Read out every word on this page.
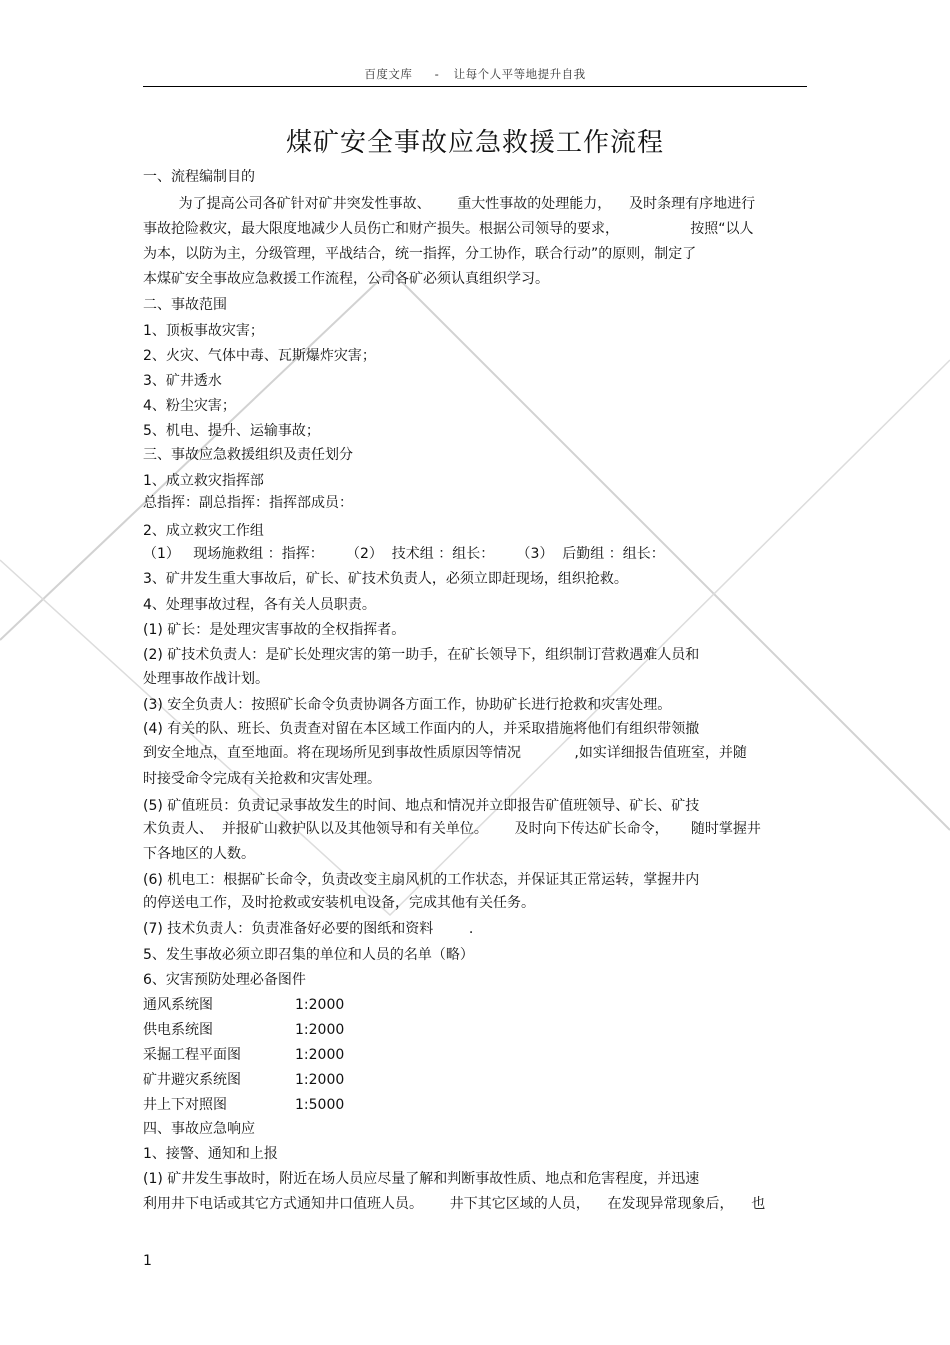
百度文库 - 让每个人平等地提升自我
煤矿安全事故应急救援工作流程
一、流程编制目的
为了提高公司各矿针对矿井突发性事故、      重大性事故的处理能力，    及时条理有序地进行
事故抢险救灾，最大限度地减少人员伤亡和财产损失。根据公司领导的要求，                按照“以人
为本，以防为主，分级管理，平战结合，统一指挥，分工协作，联合行动”的原则，制定了
本煤矿安全事故应急救援工作流程，公司各矿必须认真组织学习。
二、事故范围
1、顶板事故灾害；
2、火灾、气体中毒、瓦斯爆炸灾害；
3、矿井透水
4、粉尘灾害；
5、机电、提升、运输事故；
三、事故应急救援组织及责任划分
1、成立救灾指挥部
总指挥：副总指挥：指挥部成员：
2、成立救灾工作组
（1）   现场施救组 ：指挥：     （2）  技术组 ：组长：     （3）  后勤组 ：组长：
3、矿井发生重大事故后，矿长、矿技术负责人，必须立即赶现场，组织抢救。
4、处理事故过程，各有关人员职责。
(1) 矿长：是处理灾害事故的全权指挥者。
(2) 矿技术负责人：是矿长处理灾害的第一助手，在矿长领导下，组织制订营救遇难人员和
处理事故作战计划。
(3) 安全负责人：按照矿长命令负责协调各方面工作，协助矿长进行抢救和灾害处理。
(4) 有关的队、班长、负责查对留在本区域工作面内的人，并采取措施将他们有组织带领撤
到安全地点，直至地面。将在现场所见到事故性质原因等情况            ,如实详细报告值班室，并随
时接受命令完成有关抢救和灾害处理。
(5) 矿值班员：负责记录事故发生的时间、地点和情况并立即报告矿值班领导、矿长、矿技
术负责人、  并报矿山救护队以及其他领导和有关单位。      及时向下传达矿长命令，     随时掌握井
下各地区的人数。
(6) 机电工：根据矿长命令，负责改变主扇风机的工作状态，并保证其正常运转，掌握井内
的停送电工作，及时抢救或安装机电设备，完成其他有关任务。
(7) 技术负责人：负责准备好必要的图纸和资料        .
5、发生事故必须立即召集的单位和人员的名单（略）
6、灾害预防处理必备图件
通风系统图
供电系统图
采掘工程平面图
矿井避灾系统图
井上下对照图
四、事故应急响应
1、接警、通知和上报
(1) 矿井发生事故时，附近在场人员应尽量了解和判断事故性质、地点和危害程度，并迅速
利用井下电话或其它方式通知井口值班人员。      井下其它区域的人员，    在发现异常现象后，    也
1:2000
1:2000
1:2000
1:2000
1:5000
1
